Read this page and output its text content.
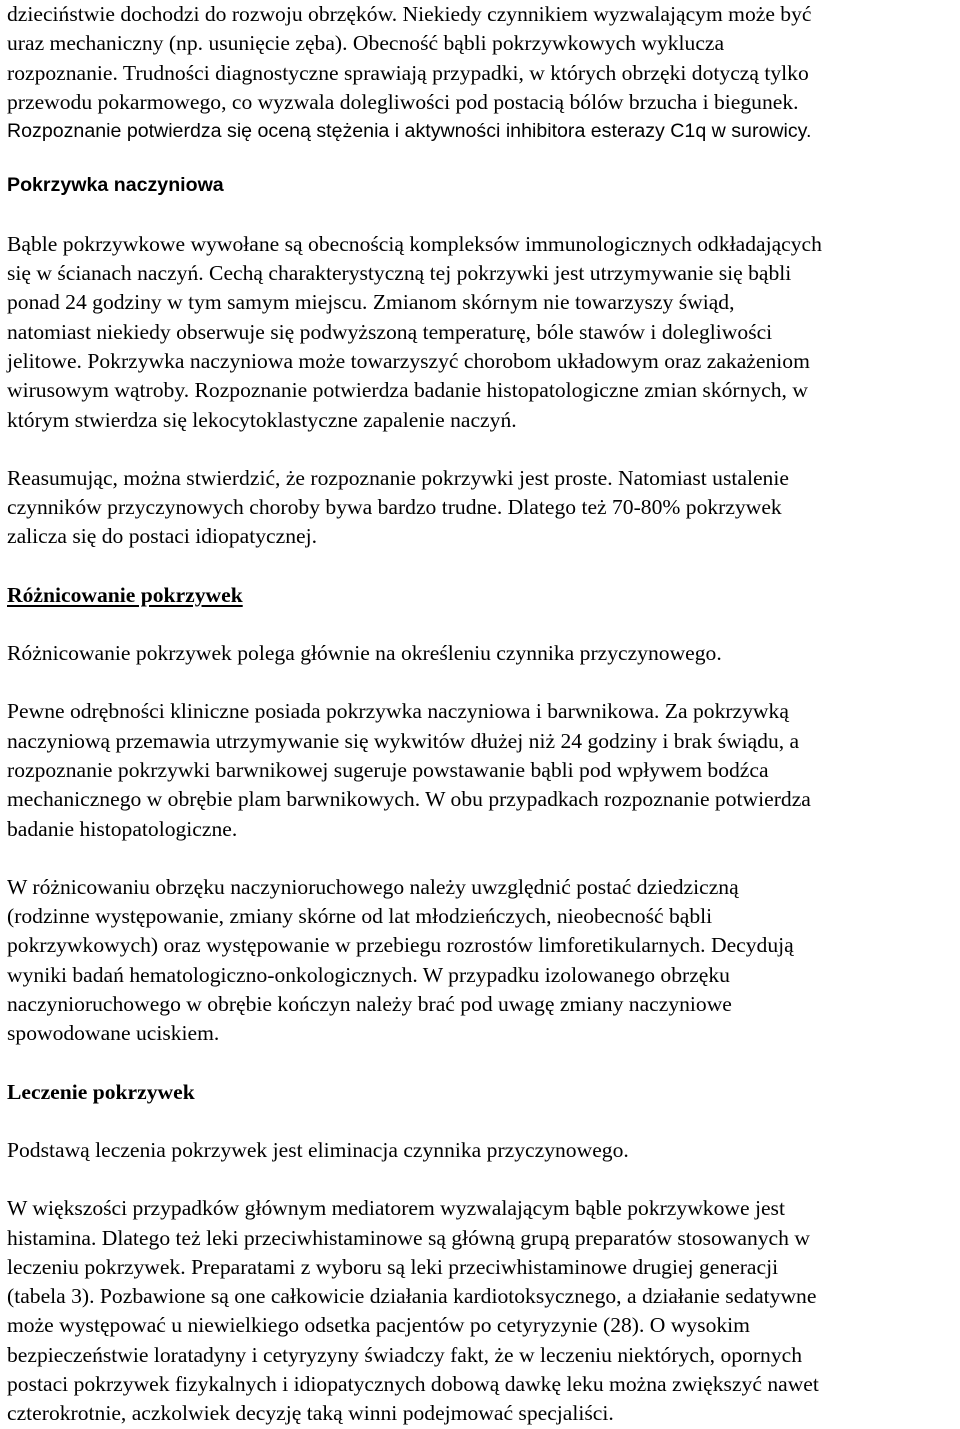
dzieciństwie dochodzi do rozwoju obrzęków. Niekiedy czynnikiem wyzwalającym może być
uraz mechaniczny (np. usunięcie zęba). Obecność bąbli pokrzywkowych wyklucza
rozpoznanie. Trudności diagnostyczne sprawiają przypadki, w których obrzęki dotyczą tylko
przewodu pokarmowego, co wyzwala dolegliwości pod postacią bólów brzucha i biegunek.
Rozpoznanie potwierdza się oceną stężenia i aktywności inhibitora esterazy C1q w surowicy.

Pokrzywka naczyniowa

Bąble pokrzywkowe wywołane są obecnością kompleksów immunologicznych odkładających
się w ścianach naczyń. Cechą charakterystyczną tej pokrzywki jest utrzymywanie się bąbli
ponad 24 godziny w tym samym miejscu. Zmianom skórnym nie towarzyszy świąd,
natomiast niekiedy obserwuje się podwyższoną temperaturę, bóle stawów i dolegliwości
jelitowe. Pokrzywka naczyniowa może towarzyszyć chorobom układowym oraz zakażeniom
wirusowym wątroby. Rozpoznanie potwierdza badanie histopatologiczne zmian skórnych, w
którym stwierdza się lekocytoklastyczne zapalenie naczyń.

Reasumując, można stwierdzić, że rozpoznanie pokrzywki jest proste. Natomiast ustalenie
czynników przyczynowych choroby bywa bardzo trudne. Dlatego też 70-80% pokrzywek
zalicza się do postaci idiopatycznej.

Różnicowanie pokrzywek

Różnicowanie pokrzywek polega głównie na określeniu czynnika przyczynowego.

Pewne odrębności kliniczne posiada pokrzywka naczyniowa i barwnikowa. Za pokrzywką
naczyniową przemawia utrzymywanie się wykwitów dłużej niż 24 godziny i brak świądu, a
rozpoznanie pokrzywki barwnikowej sugeruje powstawanie bąbli pod wpływem bodźca
mechanicznego w obrębie plam barwnikowych. W obu przypadkach rozpoznanie potwierdza
badanie histopatologiczne.

W różnicowaniu obrzęku naczynioruchowego należy uwzględnić postać dziedziczną
(rodzinne występowanie, zmiany skórne od lat młodzieńczych, nieobecność bąbli
pokrzywkowych) oraz występowanie w przebiegu rozrostów limforetikularnych. Decydują
wyniki badań hematologiczno-onkologicznych. W przypadku izolowanego obrzęku
naczynioruchowego w obrębie kończyn należy brać pod uwagę zmiany naczyniowe
spowodowane uciskiem.

Leczenie pokrzywek

Podstawą leczenia pokrzywek jest eliminacja czynnika przyczynowego.

W większości przypadków głównym mediatorem wyzwalającym bąble pokrzywkowe jest
histamina. Dlatego też leki przeciwhistaminowe są główną grupą preparatów stosowanych w
leczeniu pokrzywek. Preparatami z wyboru są leki przeciwhistaminowe drugiej generacji
(tabela 3). Pozbawione są one całkowicie działania kardiotoksycznego, a działanie sedatywne
może występować u niewielkiego odsetka pacjentów po cetyryzynie (28). O wysokim
bezpieczeństwie loratadyny i cetyryzyny świadczy fakt, że w leczeniu niektórych, opornych
postaci pokrzywek fizykalnych i idiopatycznych dobową dawkę leku można zwiększyć nawet
czterokrotnie, aczkolwiek decyzję taką winni podejmować specjaliści.
